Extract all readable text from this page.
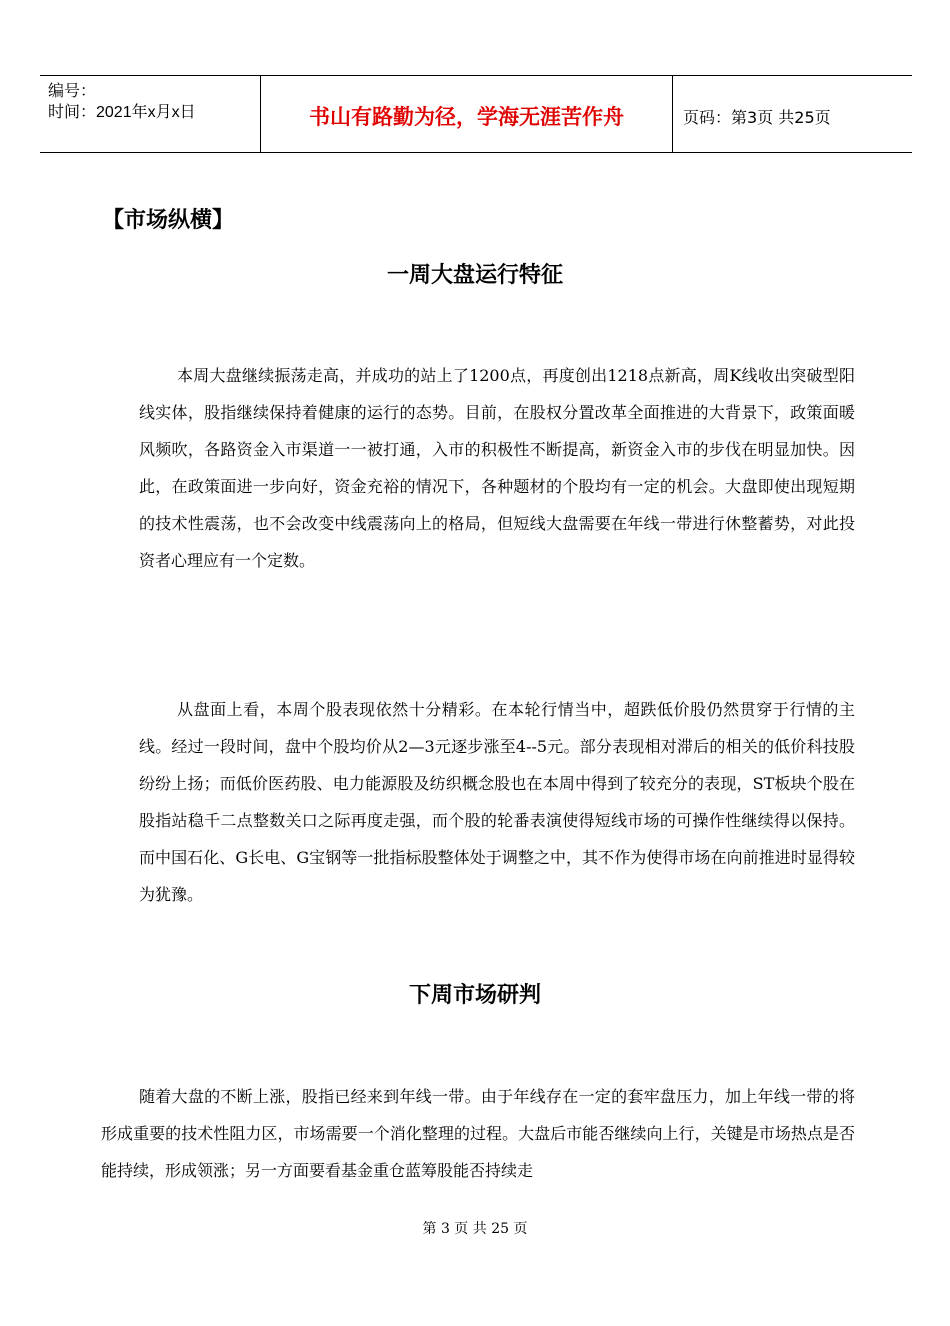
编号：
时间：2021年x月x日	书山有路勤为径，学海无涯苦作舟	页码：第3页 共25页
【市场纵横】
一周大盘运行特征

本周大盘继续振荡走高，并成功的站上了1200点，再度创出1218点新高，周K线收出突破型阳线实体，股指继续保持着健康的运行的态势。目前，在股权分置改革全面推进的大背景下，政策面暖风频吹，各路资金入市渠道一一被打通，入市的积极性不断提高，新资金入市的步伐在明显加快。因此，在政策面进一步向好，资金充裕的情况下，各种题材的个股均有一定的机会。大盘即使出现短期的技术性震荡，也不会改变中线震荡向上的格局，但短线大盘需要在年线一带进行休整蓄势，对此投资者心理应有一个定数。

从盘面上看，本周个股表现依然十分精彩。在本轮行情当中，超跌低价股仍然贯穿于行情的主线。经过一段时间，盘中个股均价从2—3元逐步涨至4--5元。部分表现相对滞后的相关的低价科技股纷纷上扬；而低价医药股、电力能源股及纺织概念股也在本周中得到了较充分的表现，ST板块个股在股指站稳千二点整数关口之际再度走强，而个股的轮番表演使得短线市场的可操作性继续得以保持。而中国石化、G长电、G宝钢等一批指标股整体处于调整之中，其不作为使得市场在向前推进时显得较为犹豫。

下周市场研判

随着大盘的不断上涨，股指已经来到年线一带。由于年线存在一定的套牢盘压力，加上年线一带的将形成重要的技术性阻力区，市场需要一个消化整理的过程。大盘后市能否继续向上行，关键是市场热点是否能持续，形成领涨；另一方面要看基金重仓蓝筹股能否持续走

第 3 页 共 25 页
